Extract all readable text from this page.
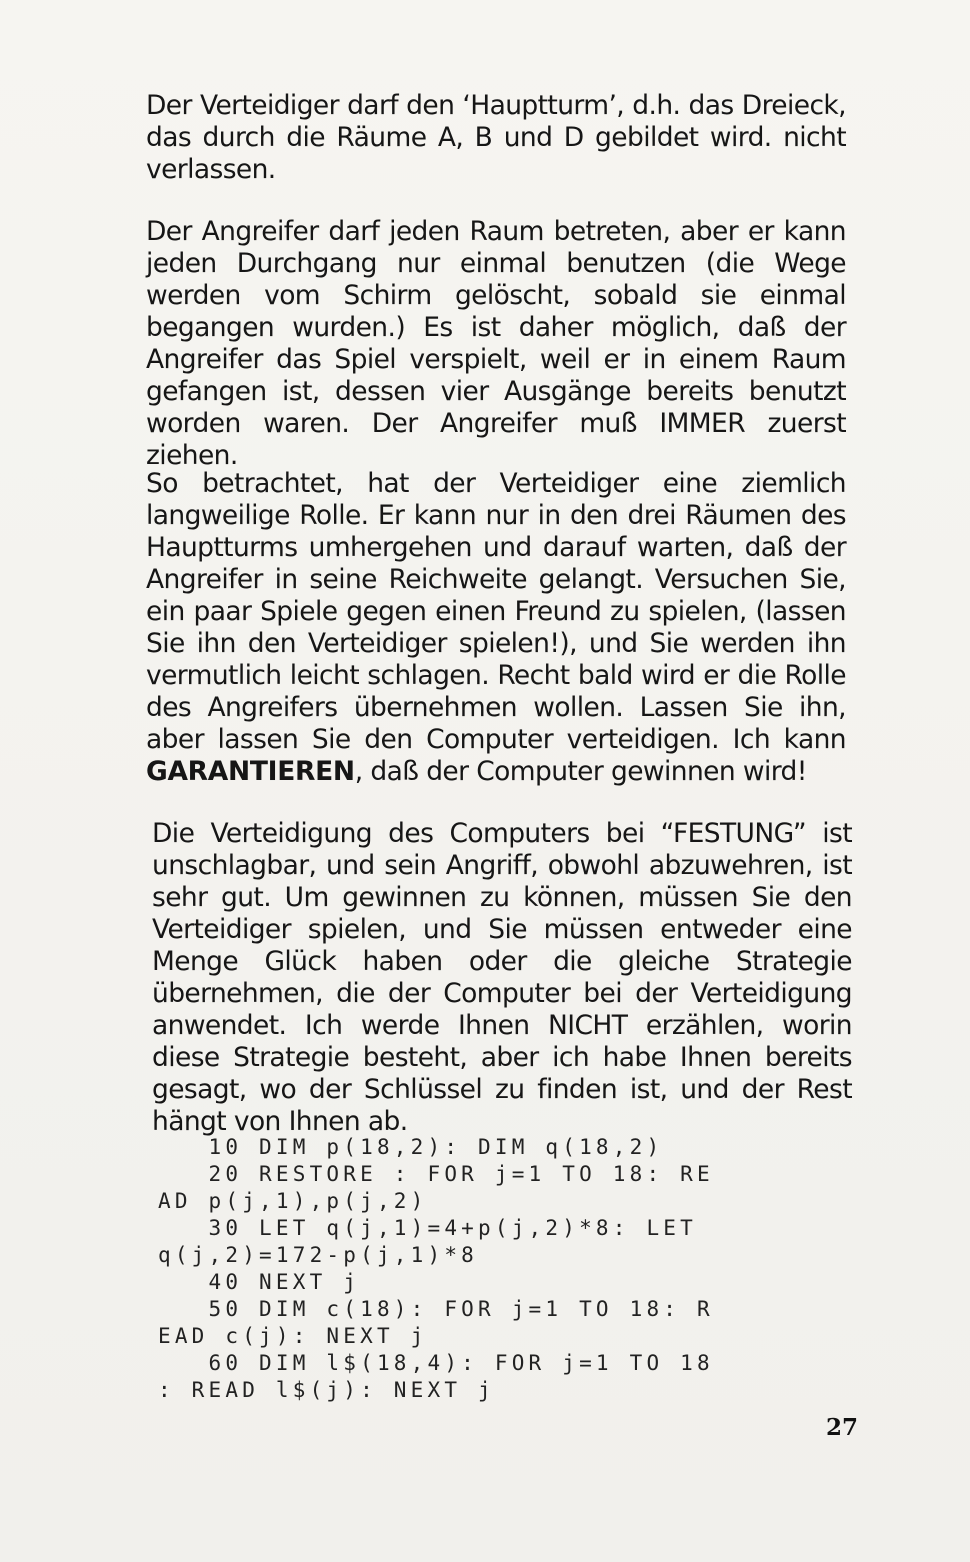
Der Verteidiger darf den ‘Hauptturm’, d.h. das Dreieck, das durch die Räume A, B und D gebildet wird. nicht verlassen.

Der Angreifer darf jeden Raum betreten, aber er kann jeden Durchgang nur einmal benutzen (die Wege werden vom Schirm gelöscht, sobald sie einmal begangen wurden.) Es ist daher möglich, daß der Angreifer das Spiel verspielt, weil er in einem Raum gefangen ist, dessen vier Ausgänge bereits benutzt worden waren. Der Angreifer muß IMMER zuerst ziehen.

So betrachtet, hat der Verteidiger eine ziemlich langweilige Rolle. Er kann nur in den drei Räumen des Hauptturms umhergehen und darauf warten, daß der Angreifer in seine Reichweite gelangt. Versuchen Sie, ein paar Spiele gegen einen Freund zu spielen, (lassen Sie ihn den Verteidiger spielen!), und Sie werden ihn vermutlich leicht schlagen. Recht bald wird er die Rolle des Angreifers übernehmen wollen. Lassen Sie ihn, aber lassen Sie den Computer verteidigen. Ich kann GARANTIEREN, daß der Computer gewinnen wird!

Die Verteidigung des Computers bei “FESTUNG” ist unschlagbar, und sein Angriff, obwohl abzuwehren, ist sehr gut. Um gewinnen zu können, müssen Sie den Verteidiger spielen, und Sie müssen entweder eine Menge Glück haben oder die gleiche Strategie übernehmen, die der Computer bei der Verteidigung anwendet. Ich werde Ihnen NICHT erzählen, worin diese Strategie besteht, aber ich habe Ihnen bereits gesagt, wo der Schlüssel zu finden ist, und der Rest hängt von Ihnen ab.

10 DIM p(18,2): DIM q(18,2)
20 RESTORE : FOR j=1 TO 18: RE
AD p(j,1),p(j,2)
30 LET q(j,1)=4+p(j,2)*8: LET
q(j,2)=172-p(j,1)*8
40 NEXT j
50 DIM c(18): FOR j=1 TO 18: R
EAD c(j): NEXT j
60 DIM l$(18,4): FOR j=1 TO 18
: READ l$(j): NEXT j
27
